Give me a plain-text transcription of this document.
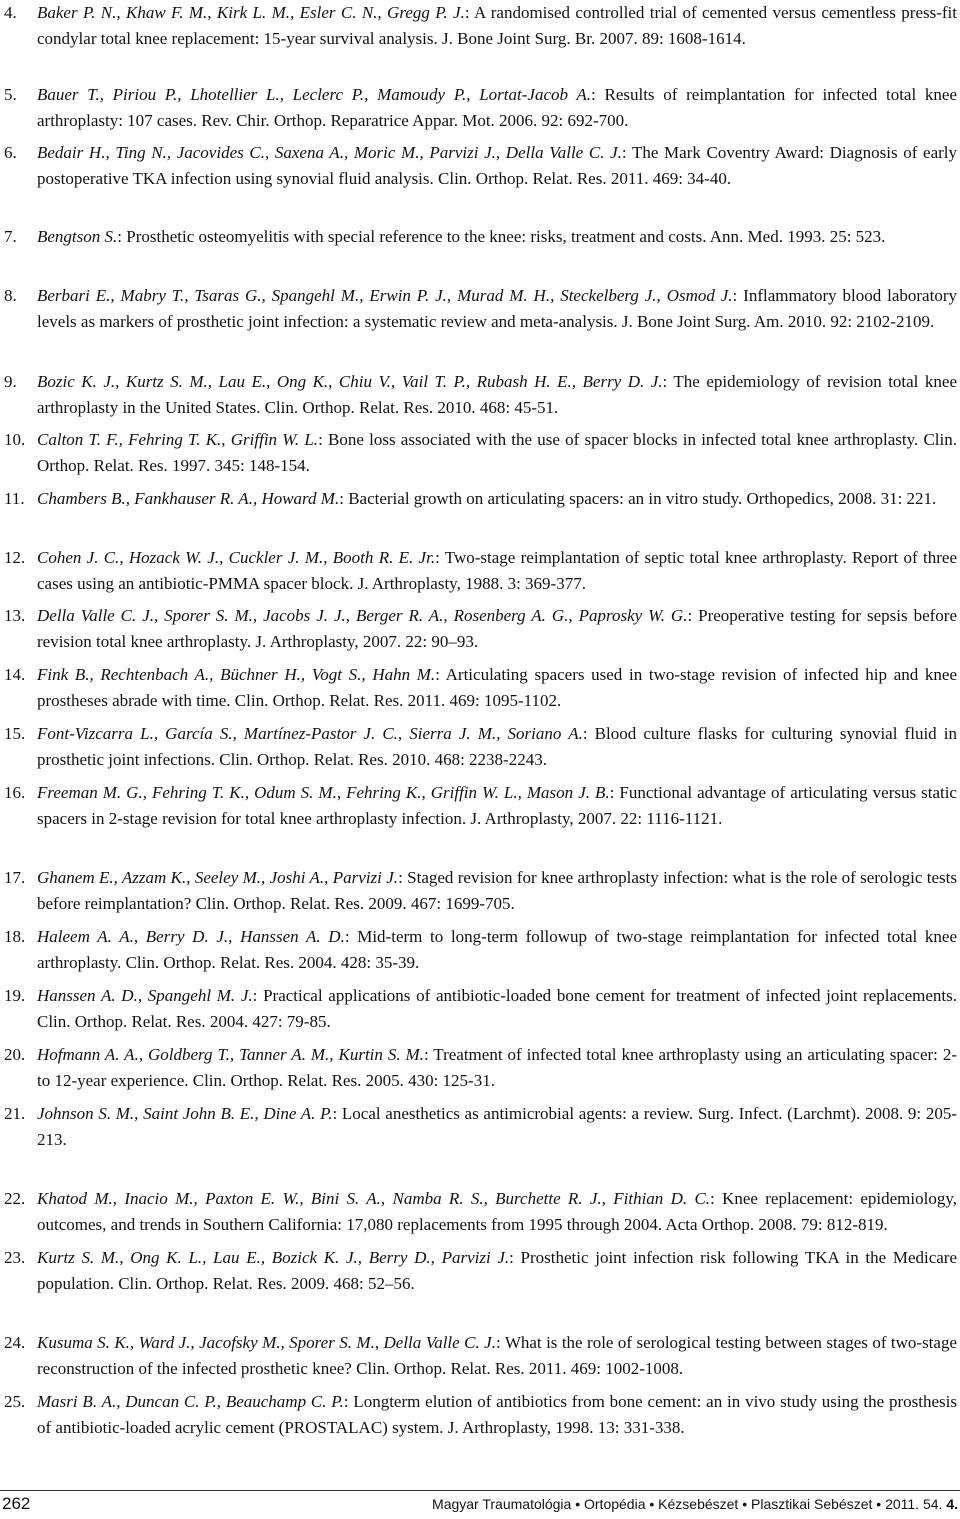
4. Baker P. N., Khaw F. M., Kirk L. M., Esler C. N., Gregg P. J.: A randomised controlled trial of cemented versus cementless press-fit condylar total knee replacement: 15-year survival analysis. J. Bone Joint Surg. Br. 2007. 89: 1608-1614.
5. Bauer T., Piriou P., Lhotellier L., Leclerc P., Mamoudy P., Lortat-Jacob A.: Results of reimplantation for infected total knee arthroplasty: 107 cases. Rev. Chir. Orthop. Reparatrice Appar. Mot. 2006. 92: 692-700.
6. Bedair H., Ting N., Jacovides C., Saxena A., Moric M., Parvizi J., Della Valle C. J.: The Mark Coventry Award: Diagnosis of early postoperative TKA infection using synovial fluid analysis. Clin. Orthop. Relat. Res. 2011. 469: 34-40.
7. Bengtson S.: Prosthetic osteomyelitis with special reference to the knee: risks, treatment and costs. Ann. Med. 1993. 25: 523.
8. Berbari E., Mabry T., Tsaras G., Spangehl M., Erwin P. J., Murad M. H., Steckelberg J., Osmod J.: Inflammatory blood laboratory levels as markers of prosthetic joint infection: a systematic review and meta-analysis. J. Bone Joint Surg. Am. 2010. 92: 2102-2109.
9. Bozic K. J., Kurtz S. M., Lau E., Ong K., Chiu V., Vail T. P., Rubash H. E., Berry D. J.: The epidemiology of revision total knee arthroplasty in the United States. Clin. Orthop. Relat. Res. 2010. 468: 45-51.
10. Calton T. F., Fehring T. K., Griffin W. L.: Bone loss associated with the use of spacer blocks in infected total knee arthroplasty. Clin. Orthop. Relat. Res. 1997. 345: 148-154.
11. Chambers B., Fankhauser R. A., Howard M.: Bacterial growth on articulating spacers: an in vitro study. Orthopedics, 2008. 31: 221.
12. Cohen J. C., Hozack W. J., Cuckler J. M., Booth R. E. Jr.: Two-stage reimplantation of septic total knee arthroplasty. Report of three cases using an antibiotic-PMMA spacer block. J. Arthroplasty, 1988. 3: 369-377.
13. Della Valle C. J., Sporer S. M., Jacobs J. J., Berger R. A., Rosenberg A. G., Paprosky W. G.: Preoperative testing for sepsis before revision total knee arthroplasty. J. Arthroplasty, 2007. 22: 90–93.
14. Fink B., Rechtenbach A., Büchner H., Vogt S., Hahn M.: Articulating spacers used in two-stage revision of infected hip and knee prostheses abrade with time. Clin. Orthop. Relat. Res. 2011. 469: 1095-1102.
15. Font-Vizcarra L., García S., Martínez-Pastor J. C., Sierra J. M., Soriano A.: Blood culture flasks for culturing synovial fluid in prosthetic joint infections. Clin. Orthop. Relat. Res. 2010. 468: 2238-2243.
16. Freeman M. G., Fehring T. K., Odum S. M., Fehring K., Griffin W. L., Mason J. B.: Functional advantage of articulating versus static spacers in 2-stage revision for total knee arthroplasty infection. J. Arthroplasty, 2007. 22: 1116-1121.
17. Ghanem E., Azzam K., Seeley M., Joshi A., Parvizi J.: Staged revision for knee arthroplasty infection: what is the role of serologic tests before reimplantation? Clin. Orthop. Relat. Res. 2009. 467: 1699-705.
18. Haleem A. A., Berry D. J., Hanssen A. D.: Mid-term to long-term followup of two-stage reimplantation for infected total knee arthroplasty. Clin. Orthop. Relat. Res. 2004. 428: 35-39.
19. Hanssen A. D., Spangehl M. J.: Practical applications of antibiotic-loaded bone cement for treatment of infected joint replacements. Clin. Orthop. Relat. Res. 2004. 427: 79-85.
20. Hofmann A. A., Goldberg T., Tanner A. M., Kurtin S. M.: Treatment of infected total knee arthroplasty using an articulating spacer: 2- to 12-year experience. Clin. Orthop. Relat. Res. 2005. 430: 125-31.
21. Johnson S. M., Saint John B. E., Dine A. P.: Local anesthetics as antimicrobial agents: a review. Surg. Infect. (Larchmt). 2008. 9: 205-213.
22. Khatod M., Inacio M., Paxton E. W., Bini S. A., Namba R. S., Burchette R. J., Fithian D. C.: Knee replacement: epidemiology, outcomes, and trends in Southern California: 17,080 replacements from 1995 through 2004. Acta Orthop. 2008. 79: 812-819.
23. Kurtz S. M., Ong K. L., Lau E., Bozick K. J., Berry D., Parvizi J.: Prosthetic joint infection risk following TKA in the Medicare population. Clin. Orthop. Relat. Res. 2009. 468: 52–56.
24. Kusuma S. K., Ward J., Jacofsky M., Sporer S. M., Della Valle C. J.: What is the role of serological testing between stages of two-stage reconstruction of the infected prosthetic knee? Clin. Orthop. Relat. Res. 2011. 469: 1002-1008.
25. Masri B. A., Duncan C. P., Beauchamp C. P.: Longterm elution of antibiotics from bone cement: an in vivo study using the prosthesis of antibiotic-loaded acrylic cement (PROSTALAC) system. J. Arthroplasty, 1998. 13: 331-338.
262	Magyar Traumatológia • Ortopédia • Kézsebészet • Plasztikai Sebészet • 2011. 54. 4.
